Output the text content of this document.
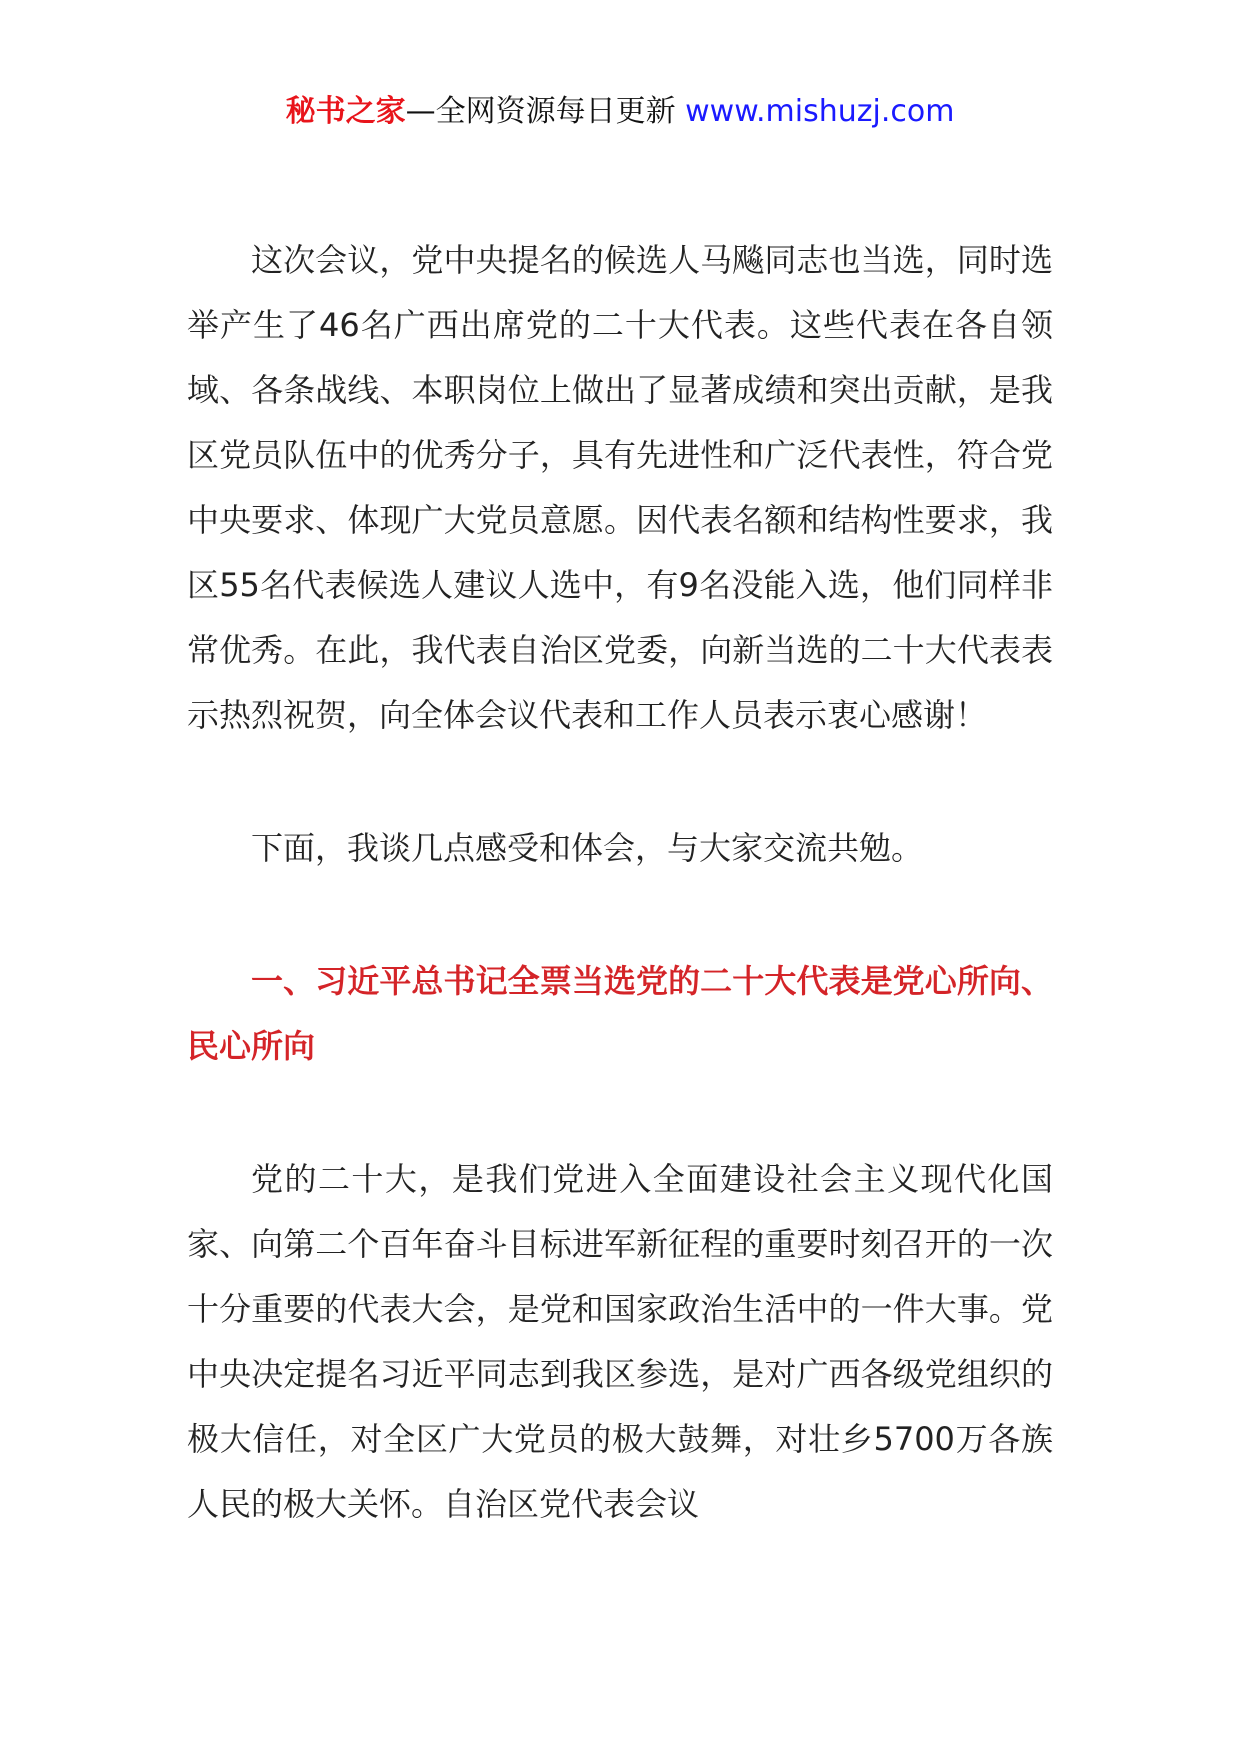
秘书之家—全网资源每日更新 www.mishuzj.com

这次会议，党中央提名的候选人马飚同志也当选，同时选举产生了46名广西出席党的二十大代表。这些代表在各自领域、各条战线、本职岗位上做出了显著成绩和突出贡献，是我区党员队伍中的优秀分子，具有先进性和广泛代表性，符合党中央要求、体现广大党员意愿。因代表名额和结构性要求，我区55名代表候选人建议人选中，有9名没能入选，他们同样非常优秀。在此，我代表自治区党委，向新当选的二十大代表表示热烈祝贺，向全体会议代表和工作人员表示衷心感谢！

下面，我谈几点感受和体会，与大家交流共勉。

一、习近平总书记全票当选党的二十大代表是党心所向、民心所向

党的二十大，是我们党进入全面建设社会主义现代化国家、向第二个百年奋斗目标进军新征程的重要时刻召开的一次十分重要的代表大会，是党和国家政治生活中的一件大事。党中央决定提名习近平同志到我区参选，是对广西各级党组织的极大信任，对全区广大党员的极大鼓舞，对壮乡5700万各族人民的极大关怀。自治区党代表会议
